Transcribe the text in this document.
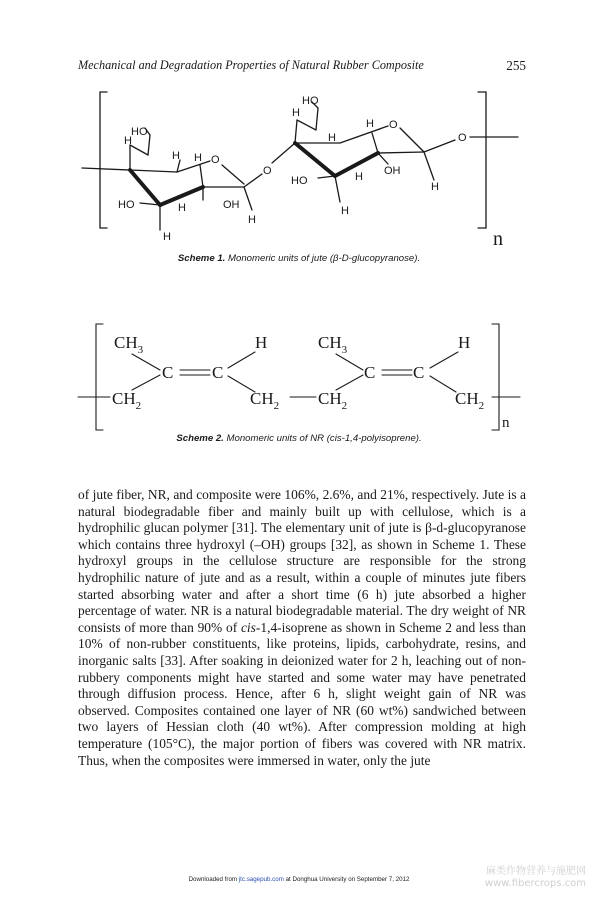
Mechanical and Degradation Properties of Natural Rubber Composite	255
HO
H
H O
H
HO	H	OH
H
H
O
HO
H
H O
H
HO	H OH
H
H
O
n
Scheme 1. Monomeric units of jute (β-D-glucopyranose).
$CH_3$
$CH_2$
C C
H
$CH_2$ $CH_2$
$CH_3$
C C
H
$CH_2$
n
Scheme 2. Monomeric units of NR (cis-1,4-polyisoprene).

of jute fiber, NR, and composite were 106%, 2.6%, and 21%, respectively. Jute is a natural biodegradable fiber and mainly built up with cellulose, which is a hydrophilic glucan polymer [31]. The elementary unit of jute is β-d-glucopyranose which contains three hydroxyl (–OH) groups [32], as shown in Scheme 1. These hydroxyl groups in the cellulose structure are responsible for the strong hydrophilic nature of jute and as a result, within a couple of minutes jute fibers started absorbing water and after a short time (6 h) jute absorbed a higher percentage of water. NR is a natural biodegradable material. The dry weight of NR consists of more than 90% of cis-1,4-isoprene as shown in Scheme 2 and less than 10% of non-rubber constituents, like proteins, lipids, carbohydrate, resins, and inorganic salts [33]. After soaking in deionized water for 2 h, leaching out of non-rubbery components might have started and some water may have penetrated through diffusion process. Hence, after 6 h, slight weight gain of NR was observed. Composites contained one layer of NR (60 wt%) sandwiched between two layers of Hessian cloth (40 wt%). After compression molding at high temperature (105°C), the major portion of fibers was covered with NR matrix. Thus, when the composites were immersed in water, only the jute

Downloaded from jtc.sagepub.com at Donghua University on September 7, 2012
麻类作物营养与施肥网
www.fibercrops.com
